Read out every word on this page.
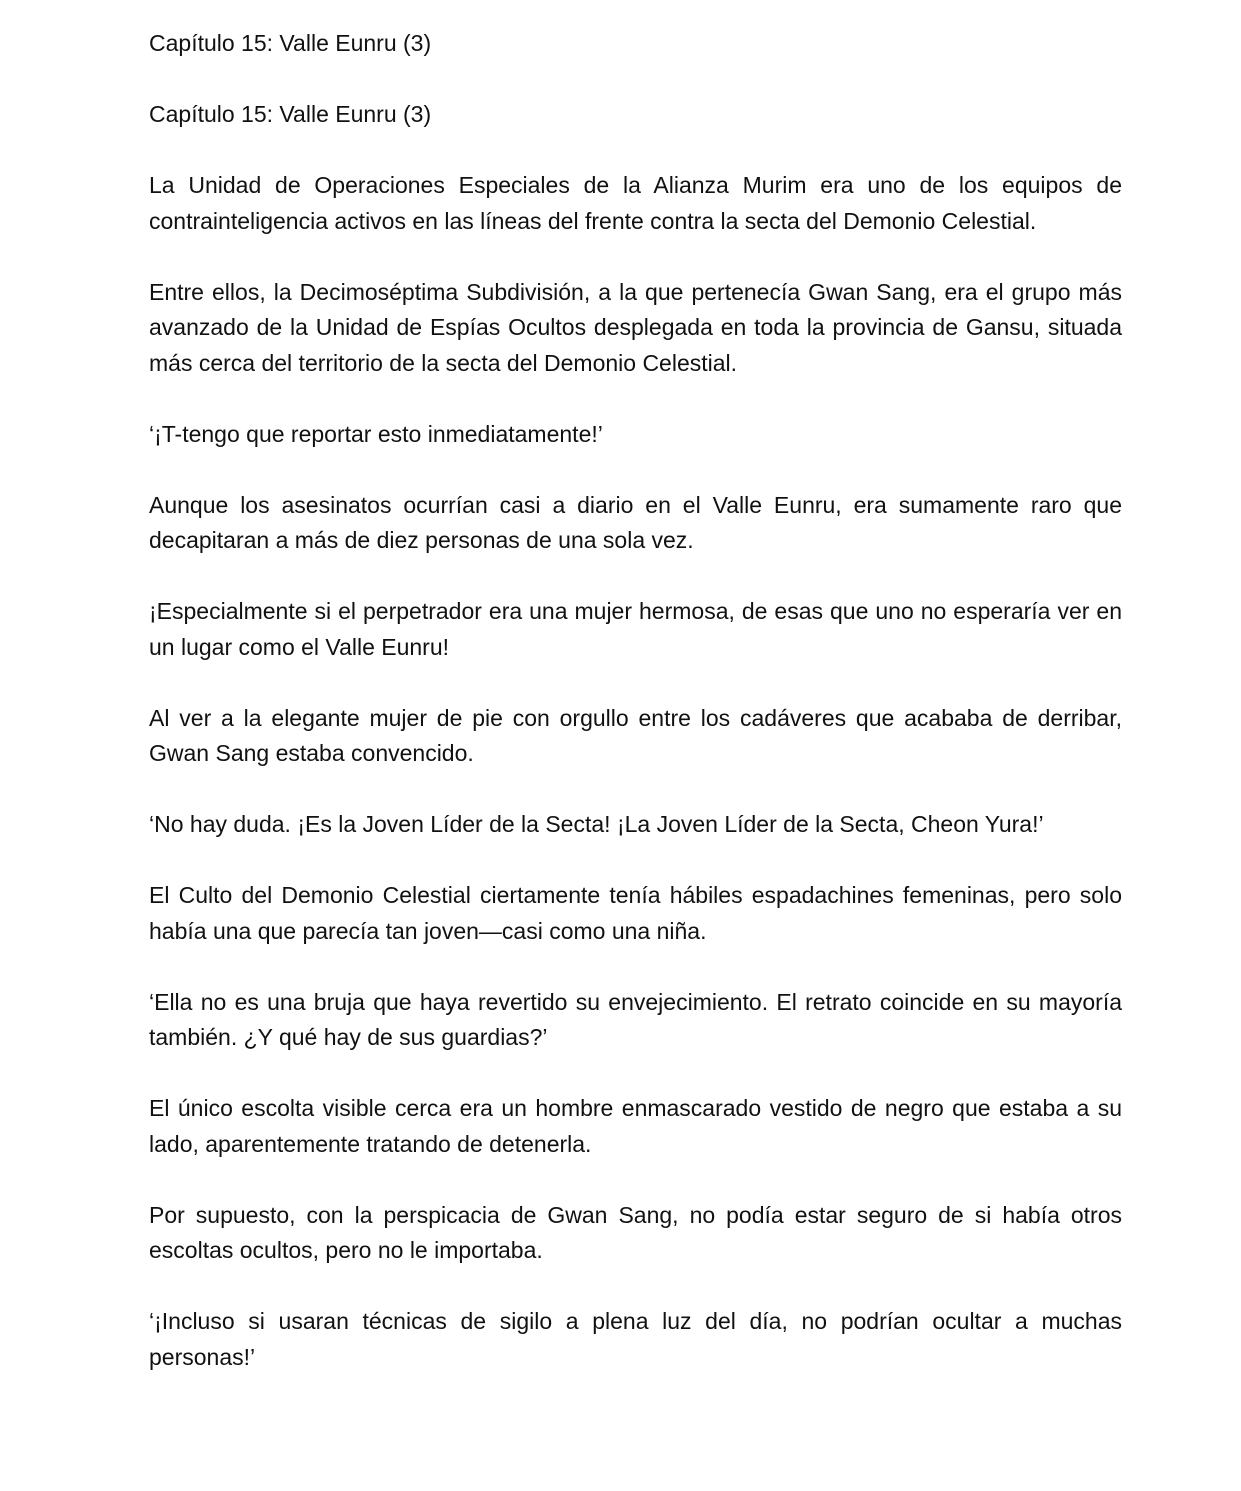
Capítulo 15: Valle Eunru (3)

Capítulo 15: Valle Eunru (3)

La Unidad de Operaciones Especiales de la Alianza Murim era uno de los equipos de contrainteligencia activos en las líneas del frente contra la secta del Demonio Celestial.

Entre ellos, la Decimoséptima Subdivisión, a la que pertenecía Gwan Sang, era el grupo más avanzado de la Unidad de Espías Ocultos desplegada en toda la provincia de Gansu, situada más cerca del territorio de la secta del Demonio Celestial.

‘¡T-tengo que reportar esto inmediatamente!’

Aunque los asesinatos ocurrían casi a diario en el Valle Eunru, era sumamente raro que decapitaran a más de diez personas de una sola vez.

¡Especialmente si el perpetrador era una mujer hermosa, de esas que uno no esperaría ver en un lugar como el Valle Eunru!

Al ver a la elegante mujer de pie con orgullo entre los cadáveres que acababa de derribar, Gwan Sang estaba convencido.

‘No hay duda. ¡Es la Joven Líder de la Secta! ¡La Joven Líder de la Secta, Cheon Yura!’

El Culto del Demonio Celestial ciertamente tenía hábiles espadachines femeninas, pero solo había una que parecía tan joven—casi como una niña.

‘Ella no es una bruja que haya revertido su envejecimiento. El retrato coincide en su mayoría también. ¿Y qué hay de sus guardias?’

El único escolta visible cerca era un hombre enmascarado vestido de negro que estaba a su lado, aparentemente tratando de detenerla.

Por supuesto, con la perspicacia de Gwan Sang, no podía estar seguro de si había otros escoltas ocultos, pero no le importaba.

‘¡Incluso si usaran técnicas de sigilo a plena luz del día, no podrían ocultar a muchas personas!’
